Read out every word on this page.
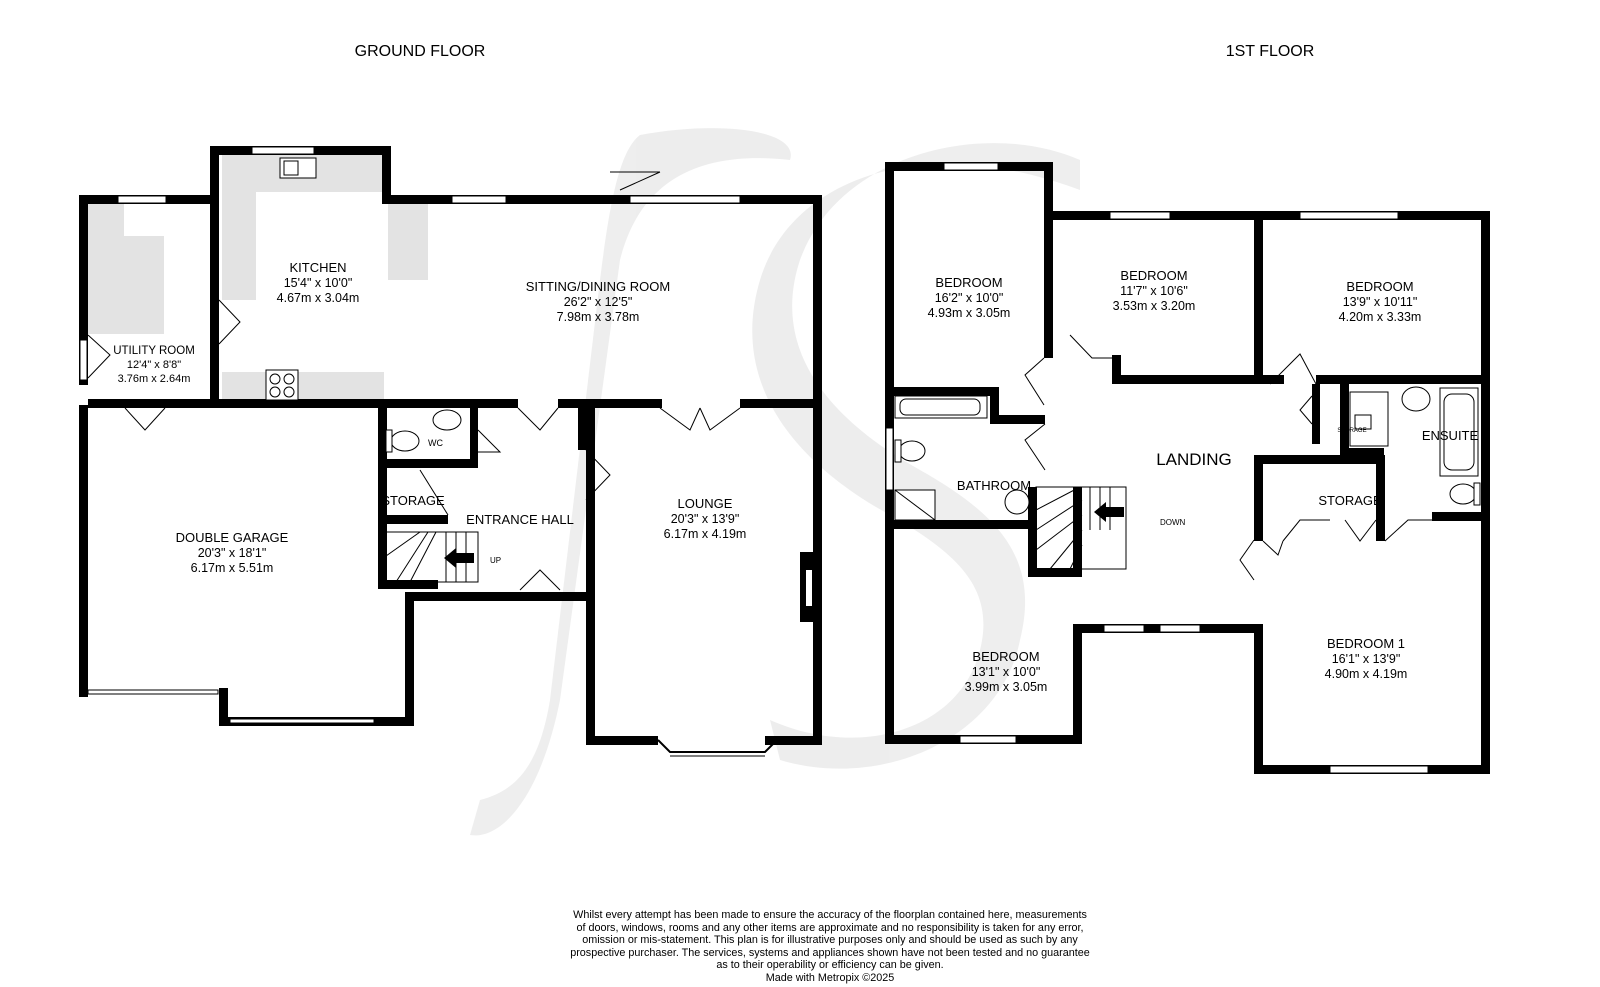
GROUND FLOOR	1ST FLOOR
KITCHEN
15'4" x 10'0"
4.67m x 3.04m
SITTING/DINING ROOM
26'2" x 12'5"
7.98m x 3.78m
UTILITY ROOM
12'4" x 8'8"
3.76m x 2.64m
DOUBLE GARAGE
20'3" x 18'1"
6.17m x 5.51m
LOUNGE
20'3" x 13'9"
6.17m x 4.19m
WC
STORAGE
ENTRANCE HALL
UP
BEDROOM
16'2" x 10'0"
4.93m x 3.05m
BEDROOM
11'7" x 10'6"
3.53m x 3.20m
BEDROOM
13'9" x 10'11"
4.20m x 3.33m
BEDROOM
13'1" x 10'0"
3.99m x 3.05m
BEDROOM 1
16'1" x 13'9"
4.90m x 4.19m
LANDING
BATHROOM
ENSUITE
STORAGE
STORAGE
DOWN

Whilst every attempt has been made to ensure the accuracy of the floorplan contained here, measurements

of doors, windows, rooms and any other items are approximate and no responsibility is taken for any error,

omission or mis-statement. This plan is for illustrative purposes only and should be used as such by any

prospective purchaser. The services, systems and appliances shown have not been tested and no guarantee

as to their operability or efficiency can be given.

Made with Metropix ©2025
